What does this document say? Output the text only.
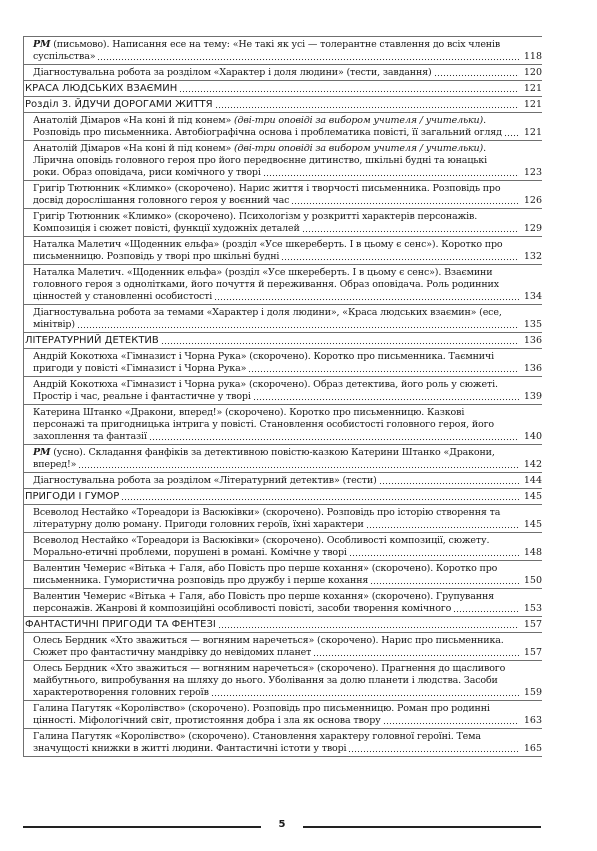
РМ (письмово). Написання есе на тему: «Не такі як усі — толерантне ставлення до всіх членів суспільства»	118
Діагностувальна робота за розділом «Характер і доля людини» (тести, завдання)	120
КРАСА ЛЮДСЬКИХ ВЗАЄМИН	121
Розділ 3. ЙДУЧИ ДОРОГАМИ ЖИТТЯ	121
Анатолій Дімаров «На коні й під конем» (дві-три оповіді за вибором учителя / учительки). Розповідь про письменника. Автобіографічна основа і проблематика повісті, її загальний огляд	121
Анатолій Дімаров «На коні й під конем» (дві-три оповіді за вибором учителя / учительки). Лірична оповідь головного героя про його передвоєнне дитинство, шкільні будні та юнацькі роки. Образ оповідача, риси комічного у творі	123
Григір Тютюнник «Климко» (скорочено). Нарис життя і творчості письменника. Розповідь про досвід дорослішання головного героя у воєнний час	126
Григір Тютюнник «Климко» (скорочено). Психологізм у розкритті характерів персонажів. Композиція і сюжет повісті, функції художніх деталей	129
Наталка Малетич «Щоденник ельфа» (розділ «Усе шкереберть. І в цьому є сенс»). Коротко про письменницю. Розповідь у творі про шкільні будні	132
Наталка Малетич. «Щоденник ельфа» (розділ «Усе шкереберть. І в цьому є сенс»). Взаємини головного героя з однолітками, його почуття й переживання. Образ оповідача. Роль родинних цінностей у становленні особистості	134
Діагностувальна робота за темами «Характер і доля людини», «Краса людських взаємин» (есе, мінітвір)	135
ЛІТЕРАТУРНИЙ ДЕТЕКТИВ	136
Андрій Кокотюха «Гімназист і Чорна Рука» (скорочено). Коротко про письменника. Таємничі пригоди у повісті «Гімназист і Чорна Рука»	136
Андрій Кокотюха «Гімназист і Чорна рука» (скорочено). Образ детектива, його роль у сюжеті. Простір і час, реальне і фантастичне у творі	139
Катерина Штанко «Дракони, вперед!» (скорочено). Коротко про письменницю. Казкові персонажі та пригодницька інтрига у повісті. Становлення особистості головного героя, його захоплення та фантазії	140
РМ (усно). Складання фанфіків за детективною повістю-казкою Катерини Штанко «Дракони, вперед!»	142
Діагностувальна робота за розділом «Літературний детектив» (тести)	144
ПРИГОДИ І ГУМОР	145
Всеволод Нестайко «Тореадори із Васюківки» (скорочено). Розповідь про історію створення та літературну долю роману. Пригоди головних героїв, їхні характери	145
Всеволод Нестайко «Тореадори із Васюківки» (скорочено). Особливості композиції, сюжету. Морально-етичні проблеми, порушені в романі. Комічне у творі	148
Валентин Чемерис «Вітька + Галя, або Повість про перше кохання» (скорочено). Коротко про письменника. Гумористична розповідь про дружбу і перше кохання	150
Валентин Чемерис «Вітька + Галя, або Повість про перше кохання» (скорочено). Групування персонажів. Жанрові й композиційні особливості повісті, засоби творення комічного	153
ФАНТАСТИЧНІ ПРИГОДИ ТА ФЕНТЕЗІ	157
Олесь Бердник «Хто зважиться — вогняним наречеться» (скорочено). Нарис про письменника. Сюжет про фантастичну мандрівку до невідомих планет	157
Олесь Бердник «Хто зважиться — вогняним наречеться» (скорочено). Прагнення до щасливого майбутнього, випробування на шляху до нього. Уболівання за долю планети і людства. Засоби характеротворення головних героїв	159
Галина Пагутяк «Королівство» (скорочено). Розповідь про письменницю. Роман про родинні цінності. Міфологічний світ, протистояння добра і зла як основа твору	163
Галина Пагутяк «Королівство» (скорочено). Становлення характеру головної героїні. Тема значущості книжки в житті людини. Фантастичні істоти у творі	165
5
